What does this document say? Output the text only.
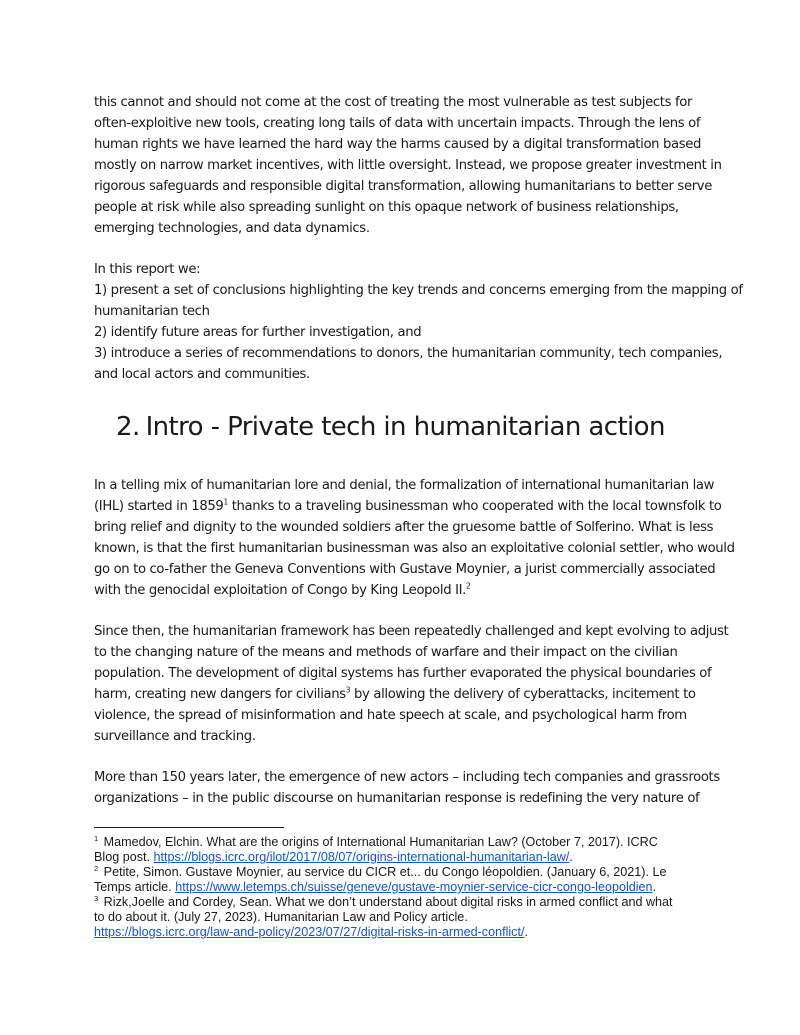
this cannot and should not come at the cost of treating the most vulnerable as test subjects for
often-exploitive new tools, creating long tails of data with uncertain impacts. Through the lens of
human rights we have learned the hard way the harms caused by a digital transformation based
mostly on narrow market incentives, with little oversight. Instead, we propose greater investment in
rigorous safeguards and responsible digital transformation, allowing humanitarians to better serve
people at risk while also spreading sunlight on this opaque network of business relationships,
emerging technologies, and data dynamics.

In this report we:
1) present a set of conclusions highlighting the key trends and concerns emerging from the mapping of
humanitarian tech
2) identify future areas for further investigation, and
3) introduce a series of recommendations to donors, the humanitarian community, tech companies,
and local actors and communities.

2. Intro - Private tech in humanitarian action

In a telling mix of humanitarian lore and denial, the formalization of international humanitarian law
(IHL) started in 1859$^1$ thanks to a traveling businessman who cooperated with the local townsfolk to
bring relief and dignity to the wounded soldiers after the gruesome battle of Solferino. What is less
known, is that the first humanitarian businessman was also an exploitative colonial settler, who would
go on to co-father the Geneva Conventions with Gustave Moynier, a jurist commercially associated
with the genocidal exploitation of Congo by King Leopold II.$^2$

Since then, the humanitarian framework has been repeatedly challenged and kept evolving to adjust
to the changing nature of the means and methods of warfare and their impact on the civilian
population. The development of digital systems has further evaporated the physical boundaries of
harm, creating new dangers for civilians$^3$ by allowing the delivery of cyberattacks, incitement to
violence, the spread of misinformation and hate speech at scale, and psychological harm from
surveillance and tracking.

More than 150 years later, the emergence of new actors – including tech companies and grassroots
organizations – in the public discourse on humanitarian response is redefining the very nature of

$^1$ Mamedov, Elchin. What are the origins of International Humanitarian Law? (October 7, 2017). ICRC
Blog post. https://blogs.icrc.org/ilot/2017/08/07/origins-international-humanitarian-law/.
$^2$ Petite, Simon. Gustave Moynier, au service du CICR et... du Congo léopoldien. (January 6, 2021). Le
Temps article. https://www.letemps.ch/suisse/geneve/gustave-moynier-service-cicr-congo-leopoldien.
$^3$ Rizk,Joelle and Cordey, Sean. What we don’t understand about digital risks in armed conflict and what
to do about it. (July 27, 2023). Humanitarian Law and Policy article.
https://blogs.icrc.org/law-and-policy/2023/07/27/digital-risks-in-armed-conflict/.
